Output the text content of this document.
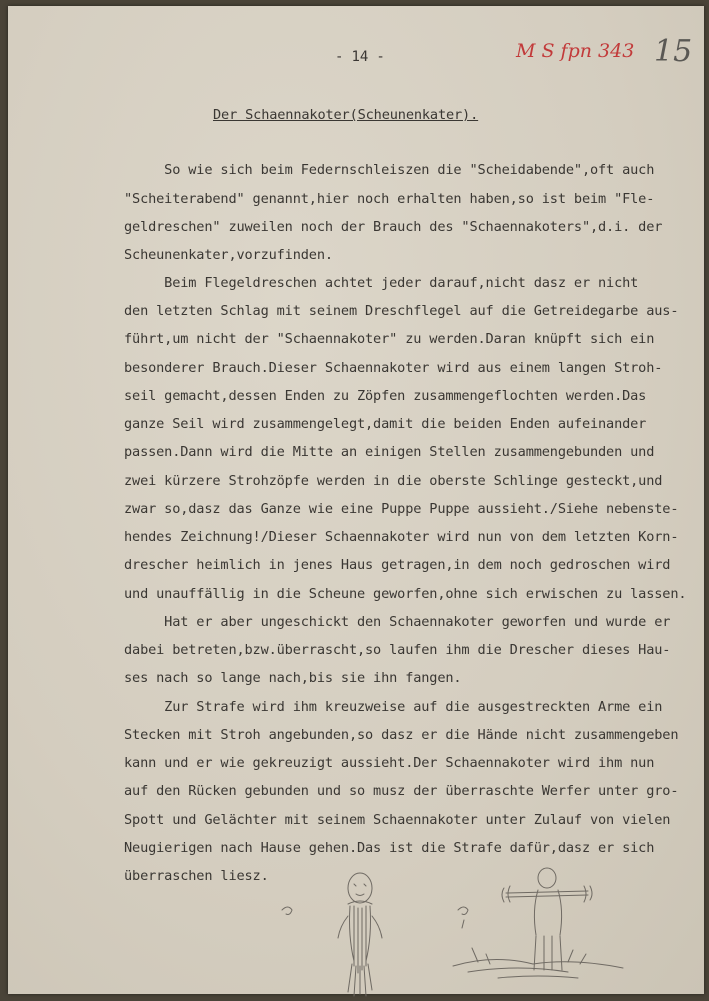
- 14 -	M S fpn 343 15
Der Schaennakoter(Scheunenkater).
So wie sich beim Federnschleiszen die "Scheidabende",oft auch
"Scheiterabend" genannt,hier noch erhalten haben,so ist beim "Fle-
geldreschen" zuweilen noch der Brauch des "Schaennakoters",d.i. der
Scheunenkater,vorzufinden.
Beim Flegeldreschen achtet jeder darauf,nicht dasz er nicht
den letzten Schlag mit seinem Dreschflegel auf die Getreidegarbe aus-
führt,um nicht der "Schaennakoter" zu werden.Daran knüpft sich ein
besonderer Brauch.Dieser Schaennakoter wird aus einem langen Stroh-
seil gemacht,dessen Enden zu Zöpfen zusammengeflochten werden.Das
ganze Seil wird zusammengelegt,damit die beiden Enden aufeinander
passen.Dann wird die Mitte an einigen Stellen zusammengebunden und
zwei kürzere Strohzöpfe werden in die oberste Schlinge gesteckt,und
zwar so,dasz das Ganze wie eine Puppe Puppe aussieht./Siehe nebenste-
hendes Zeichnung!/Dieser Schaennakoter wird nun von dem letzten Korn-
drescher heimlich in jenes Haus getragen,in dem noch gedroschen wird
und unauffällig in die Scheune geworfen,ohne sich erwischen zu lassen.
Hat er aber ungeschickt den Schaennakoter geworfen und wurde er
dabei betreten,bzw.überrascht,so laufen ihm die Drescher dieses Hau-
ses nach so lange nach,bis sie ihn fangen.
Zur Strafe wird ihm kreuzweise auf die ausgestreckten Arme ein
Stecken mit Stroh angebunden,so dasz er die Hände nicht zusammengeben
kann und er wie gekreuzigt aussieht.Der Schaennakoter wird ihm nun
auf den Rücken gebunden und so musz der überraschte Werfer unter gro-
Spott und Gelächter mit seinem Schaennakoter unter Zulauf von vielen
Neugierigen nach Hause gehen.Das ist die Strafe dafür,dasz er sich
überraschen liesz.
